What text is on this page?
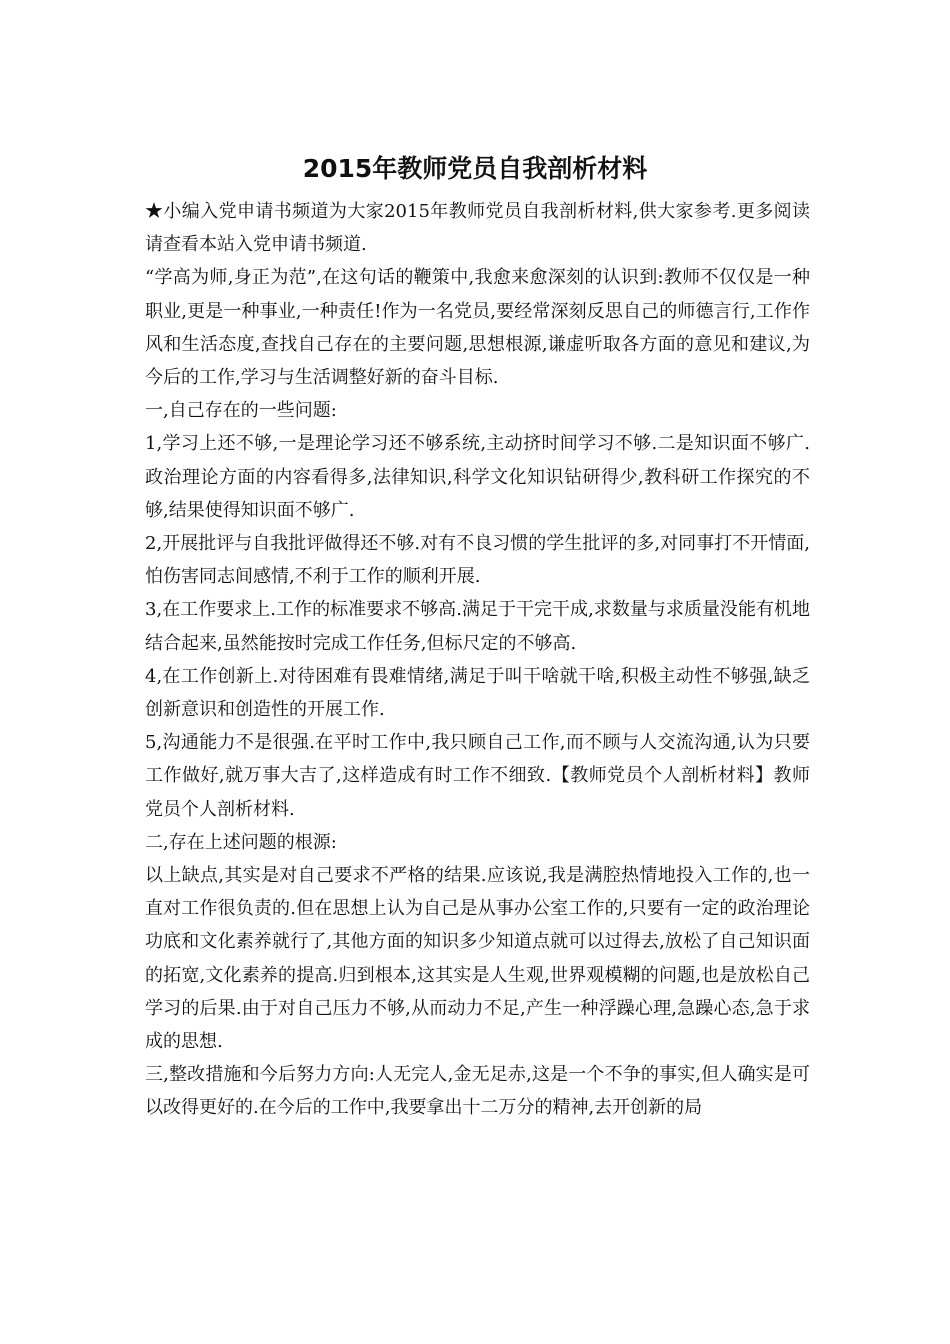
2015年教师党员自我剖析材料

★小编入党申请书频道为大家2015年教师党员自我剖析材料,供大家参考.更多阅读请查看本站入党申请书频道.

“学高为师,身正为范”,在这句话的鞭策中,我愈来愈深刻的认识到:教师不仅仅是一种职业,更是一种事业,一种责任!作为一名党员,要经常深刻反思自己的师德言行,工作作风和生活态度,查找自己存在的主要问题,思想根源,谦虚听取各方面的意见和建议,为今后的工作,学习与生活调整好新的奋斗目标.

一,自己存在的一些问题:

1,学习上还不够,一是理论学习还不够系统,主动挤时间学习不够.二是知识面不够广.政治理论方面的内容看得多,法律知识,科学文化知识钻研得少,教科研工作探究的不够,结果使得知识面不够广.

2,开展批评与自我批评做得还不够.对有不良习惯的学生批评的多,对同事打不开情面,怕伤害同志间感情,不利于工作的顺利开展.

3,在工作要求上.工作的标准要求不够高.满足于干完干成,求数量与求质量没能有机地结合起来,虽然能按时完成工作任务,但标尺定的不够高.

4,在工作创新上.对待困难有畏难情绪,满足于叫干啥就干啥,积极主动性不够强,缺乏创新意识和创造性的开展工作.

5,沟通能力不是很强.在平时工作中,我只顾自己工作,而不顾与人交流沟通,认为只要工作做好,就万事大吉了,这样造成有时工作不细致.【教师党员个人剖析材料】教师党员个人剖析材料.

二,存在上述问题的根源:

以上缺点,其实是对自己要求不严格的结果.应该说,我是满腔热情地投入工作的,也一直对工作很负责的.但在思想上认为自己是从事办公室工作的,只要有一定的政治理论功底和文化素养就行了,其他方面的知识多少知道点就可以过得去,放松了自己知识面的拓宽,文化素养的提高.归到根本,这其实是人生观,世界观模糊的问题,也是放松自己学习的后果.由于对自己压力不够,从而动力不足,产生一种浮躁心理,急躁心态,急于求成的思想.

三,整改措施和今后努力方向:人无完人,金无足赤,这是一个不争的事实,但人确实是可以改得更好的.在今后的工作中,我要拿出十二万分的精神,去开创新的局
